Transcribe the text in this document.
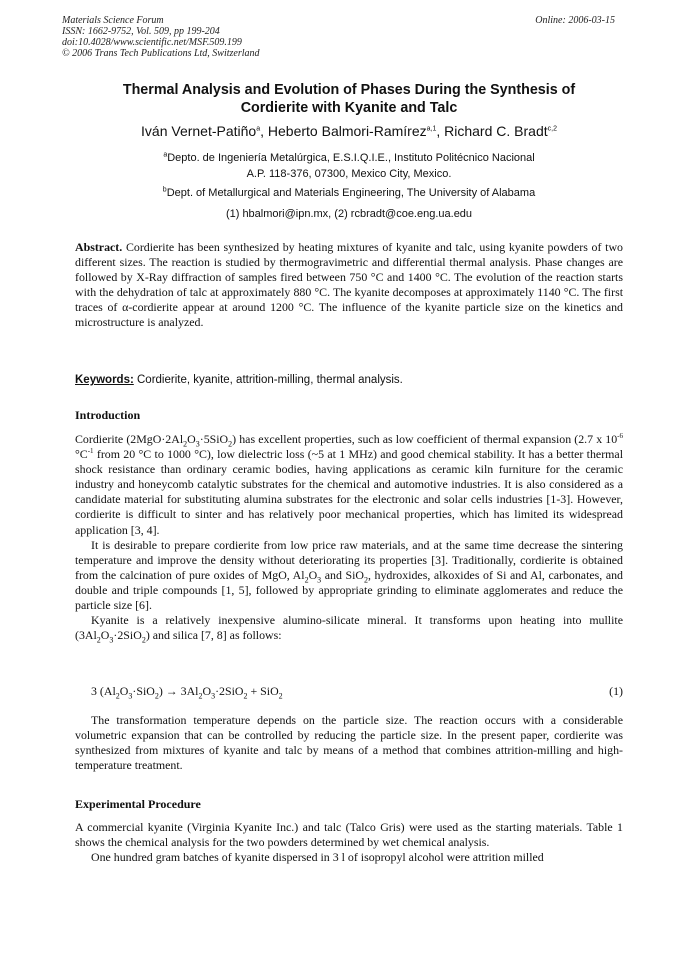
Materials Science Forum
ISSN: 1662-9752, Vol. 509, pp 199-204
doi:10.4028/www.scientific.net/MSF.509.199
© 2006 Trans Tech Publications Ltd, Switzerland
Online: 2006-03-15
Thermal Analysis and Evolution of Phases During the Synthesis of
Cordierite with Kyanite and Talc
Iván Vernet-Patiño$^a$, Heberto Balmori-Ramírez$^{a,1}$, Richard C. Bradt$^{c,2}$
$^a$Depto. de Ingeniería Metalúrgica, E.S.I.Q.I.E., Instituto Politécnico Nacional
A.P. 118-376, 07300, Mexico City, Mexico.
$^b$Dept. of Metallurgical and Materials Engineering, The University of Alabama
(1) hbalmori@ipn.mx, (2) rcbradt@coe.eng.ua.edu
Abstract. Cordierite has been synthesized by heating mixtures of kyanite and talc, using kyanite powders of two different sizes. The reaction is studied by thermogravimetric and differential thermal analysis. Phase changes are followed by X-Ray diffraction of samples fired between 750 °C and 1400 °C. The evolution of the reaction starts with the dehydration of talc at approximately 880 °C. The kyanite decomposes at approximately 1140 °C. The first traces of α-cordierite appear at around 1200 °C. The influence of the kyanite particle size on the kinetics and microstructure is analyzed.
Keywords: Cordierite, kyanite, attrition-milling, thermal analysis.
Introduction

Cordierite $(2MgO\cdot 2Al_2O_3\cdot 5SiO_2)$ has excellent properties, such as low coefficient of thermal expansion (2.7 x $10^{-6}$ $^\circ C^{-1}$ from 20 °C to 1000 °C), low dielectric loss (~5 at 1 MHz) and good chemical stability. It has a better thermal shock resistance than ordinary ceramic bodies, having applications as ceramic kiln furniture for the ceramic industry and honeycomb catalytic substrates for the chemical and automotive industries. It is also considered as a candidate material for substituting alumina substrates for the electronic and solar cells industries [1-3]. However, cordierite is difficult to sinter and has relatively poor mechanical properties, which has limited its widespread application [3, 4].

It is desirable to prepare cordierite from low price raw materials, and at the same time decrease the sintering temperature and improve the density without deteriorating its properties [3]. Traditionally, cordierite is obtained from the calcination of pure oxides of MgO, $Al_2O_3$ and SiO$_2$, hydroxides, alkoxides of Si and Al, carbonates, and double and triple compounds [1, 5], followed by appropriate grinding to eliminate agglomerates and reduce the particle size [6].

Kyanite is a relatively inexpensive alumino-silicate mineral. It transforms upon heating into mullite $(3Al_2O_3\cdot 2SiO_2)$ and silica [7, 8] as follows:

3 $(Al_2O_3\cdot SiO_2) \to 3Al_2O_3\cdot 2SiO_2 + SiO_2$	(1)
The transformation temperature depends on the particle size. The reaction occurs with a considerable volumetric expansion that can be controlled by reducing the particle size. In the present paper, cordierite was synthesized from mixtures of kyanite and talc by means of a method that combines attrition-milling and high-temperature treatment.
Experimental Procedure

A commercial kyanite (Virginia Kyanite Inc.) and talc (Talco Gris) were used as the starting materials. Table 1 shows the chemical analysis for the two powders determined by wet chemical analysis.

One hundred gram batches of kyanite dispersed in 3 l of isopropyl alcohol were attrition milled
